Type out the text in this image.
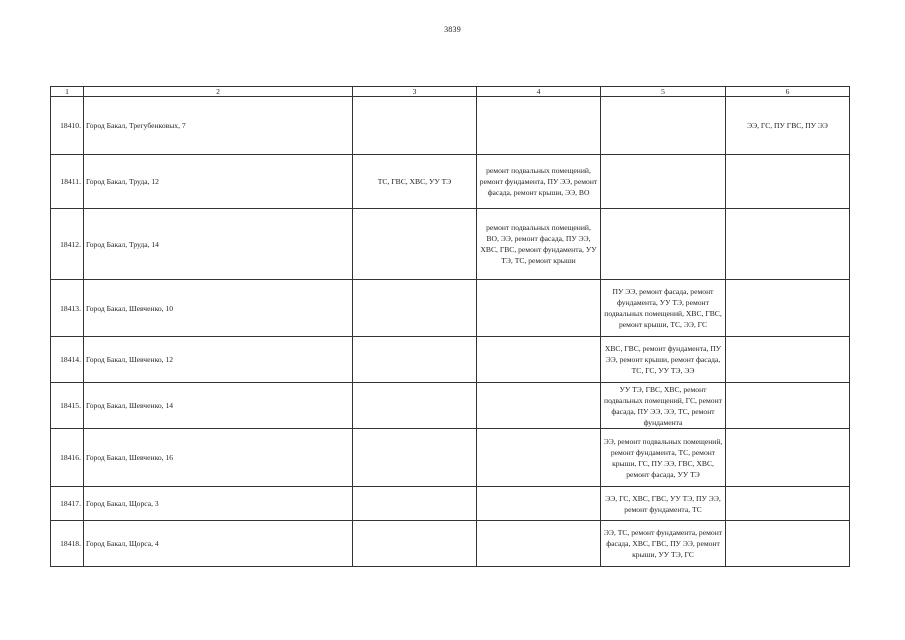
3839
1	2	3	4	5	6
18410.	Город Бакал, Трегубенковых, 7				ЭЭ, ГС, ПУ ГВС, ПУ ЭЭ
18411.	Город Бакал, Труда, 12	ТС, ГВС, ХВС, УУ ТЭ	ремонт подвальных помещений, ремонт фундамента, ПУ ЭЭ, ремонт фасада, ремонт крыши, ЭЭ, ВО		
18412.	Город Бакал, Труда, 14		ремонт подвальных помещений, ВО, ЭЭ, ремонт фасада, ПУ ЭЭ, ХВС, ГВС, ремонт фундамента, УУ ТЭ, ТС, ремонт крыши		
18413.	Город Бакал, Шевченко, 10			ПУ ЭЭ, ремонт фасада, ремонт фундамента, УУ ТЭ, ремонт подвальных помещений, ХВС, ГВС, ремонт крыши, ТС, ЭЭ, ГС	
18414.	Город Бакал, Шевченко, 12			ХВС, ГВС, ремонт фундамента, ПУ ЭЭ, ремонт крыши, ремонт фасада, ТС, ГС, УУ ТЭ, ЭЭ	
18415.	Город Бакал, Шевченко, 14			УУ ТЭ, ГВС, ХВС, ремонт подвальных помещений, ГС, ремонт фасада, ПУ ЭЭ, ЭЭ, ТС, ремонт фундамента	
18416.	Город Бакал, Шевченко, 16			ЭЭ, ремонт подвальных помещений, ремонт фундамента, ТС, ремонт крыши, ГС, ПУ ЭЭ, ГВС, ХВС, ремонт фасада, УУ ТЭ	
18417.	Город Бакал, Щорса, 3			ЭЭ, ГС, ХВС, ГВС, УУ ТЭ, ПУ ЭЭ, ремонт фундамента, ТС	
18418.	Город Бакал, Щорса, 4			ЭЭ, ТС, ремонт фундамента, ремонт фасада, ХВС, ГВС, ПУ ЭЭ, ремонт крыши, УУ ТЭ, ГС	
